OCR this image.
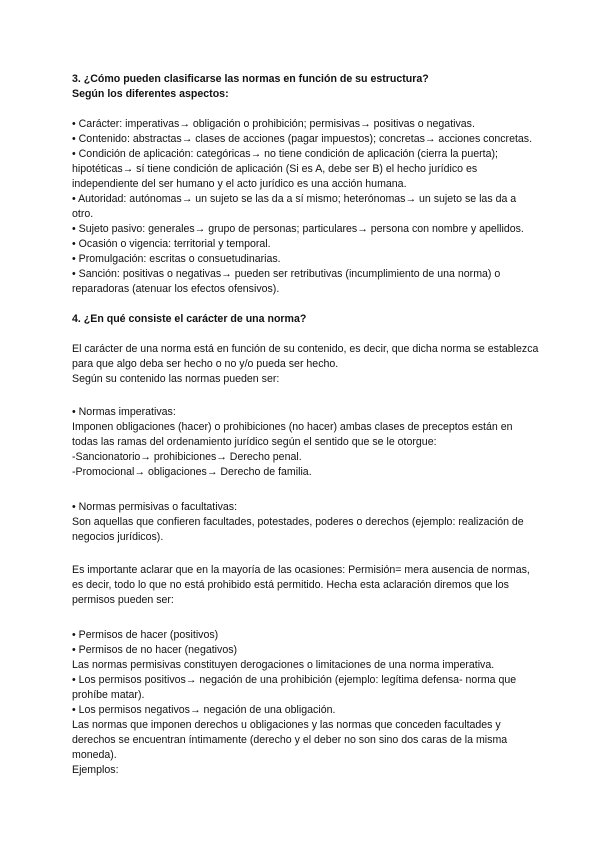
3. ¿Cómo pueden clasificarse las normas en función de su estructura?

Según los diferentes aspectos:

• Carácter: imperativas→ obligación o prohibición; permisivas→ positivas o negativas.
• Contenido: abstractas→ clases de acciones (pagar impuestos); concretas→ acciones concretas.
• Condición de aplicación: categóricas→ no tiene condición de aplicación (cierra la puerta); hipotéticas→ sí tiene condición de aplicación (Si es A, debe ser B) el hecho jurídico es independiente del ser humano y el acto jurídico es una acción humana.
• Autoridad: autónomas→ un sujeto se las da a sí mismo; heterónomas→ un sujeto se las da a otro.
• Sujeto pasivo: generales→ grupo de personas; particulares→ persona con nombre y apellidos.
• Ocasión o vigencia: territorial y temporal.
• Promulgación: escritas o consuetudinarias.
• Sanción: positivas o negativas→ pueden ser retributivas (incumplimiento de una norma) o reparadoras (atenuar los efectos ofensivos).

4. ¿En qué consiste el carácter de una norma?

El carácter de una norma está en función de su contenido, es decir, que dicha norma se establezca para que algo deba ser hecho o no y/o pueda ser hecho.

Según su contenido las normas pueden ser:

• Normas imperativas:

Imponen obligaciones (hacer) o prohibiciones (no hacer) ambas clases de preceptos están en todas las ramas del ordenamiento jurídico según el sentido que se le otorgue:

-Sancionatorio→ prohibiciones→ Derecho penal.

-Promocional→ obligaciones→ Derecho de familia.

• Normas permisivas o facultativas:

Son aquellas que confieren facultades, potestades, poderes o derechos (ejemplo: realización de negocios jurídicos).

Es importante aclarar que en la mayoría de las ocasiones: Permisión= mera ausencia de normas, es decir, todo lo que no está prohibido está permitido. Hecha esta aclaración diremos que los permisos pueden ser:

• Permisos de hacer (positivos)

• Permisos de no hacer (negativos)

Las normas permisivas constituyen derogaciones o limitaciones de una norma imperativa.

• Los permisos positivos→ negación de una prohibición (ejemplo: legítima defensa- norma que prohíbe matar).

• Los permisos negativos→ negación de una obligación.

Las normas que imponen derechos u obligaciones y las normas que conceden facultades y derechos se encuentran íntimamente (derecho y el deber no son sino dos caras de la misma moneda).

Ejemplos:
